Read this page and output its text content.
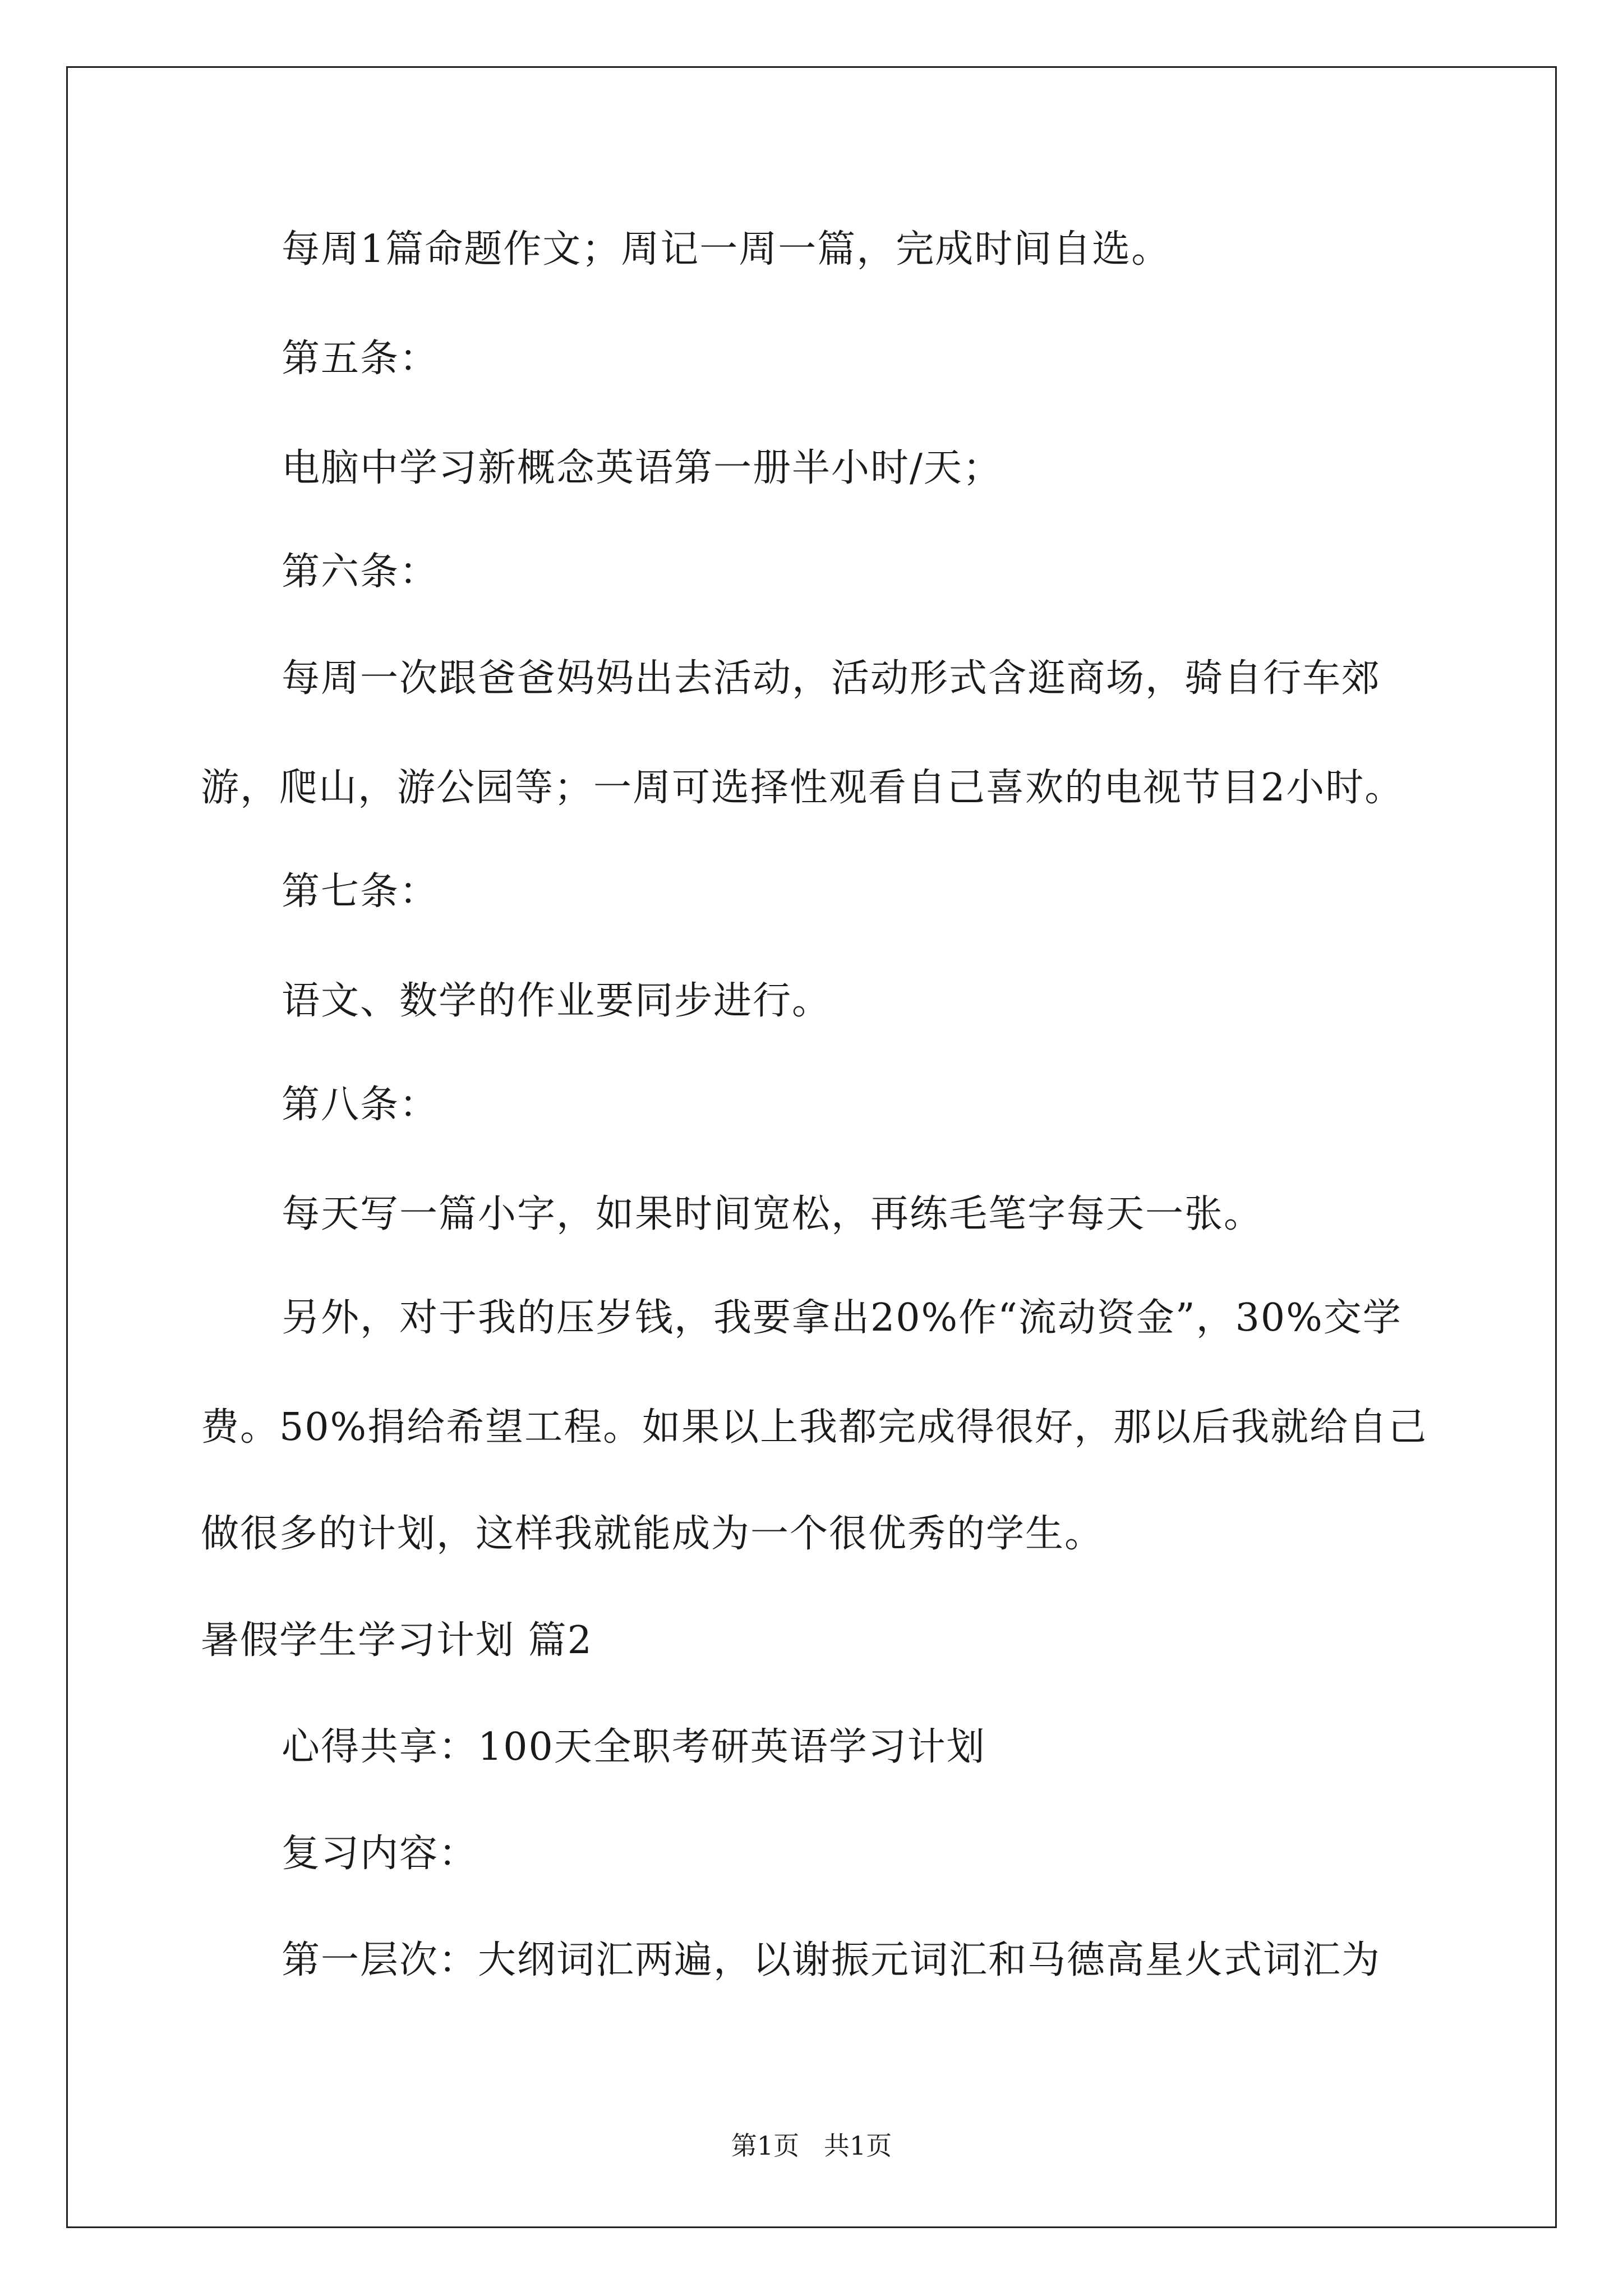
每周1篇命题作文；周记一周一篇，完成时间自选。
第五条：
电脑中学习新概念英语第一册半小时/天；
第六条：
每周一次跟爸爸妈妈出去活动，活动形式含逛商场，骑自行车郊
游，爬山，游公园等；一周可选择性观看自己喜欢的电视节目2小时。
第七条：
语文、数学的作业要同步进行。
第八条：
每天写一篇小字，如果时间宽松，再练毛笔字每天一张。
另外，对于我的压岁钱，我要拿出20%作“流动资金”，30%交学
费。50%捐给希望工程。如果以上我都完成得很好，那以后我就给自己
做很多的计划，这样我就能成为一个很优秀的学生。
暑假学生学习计划 篇2
心得共享：100天全职考研英语学习计划
复习内容：
第一层次：大纲词汇两遍，以谢振元词汇和马德高星火式词汇为
第1页   共1页
